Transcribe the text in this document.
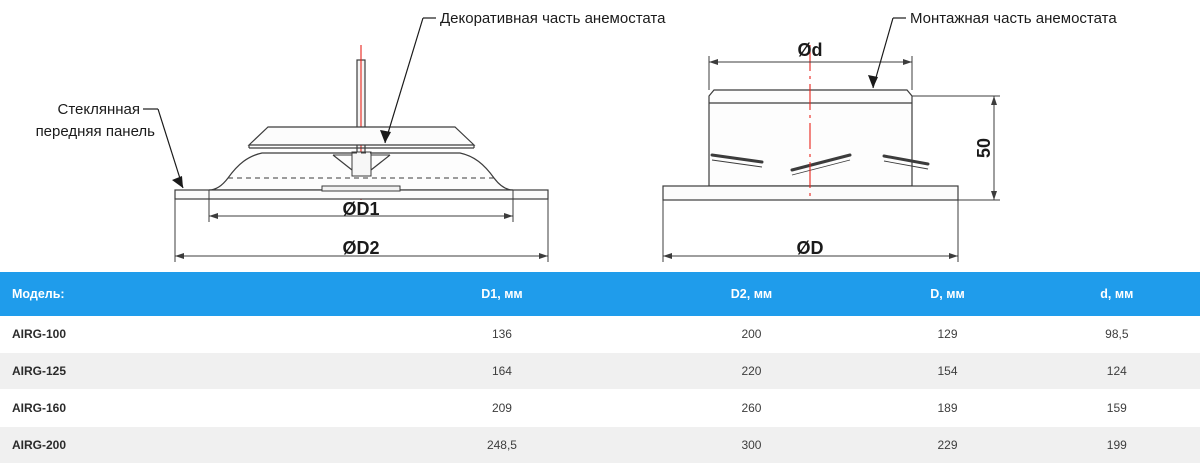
ØD1
ØD2
Декоративная часть анемостата
Стеклянная
передняя панель
Ød
50
ØD
Монтажная часть анемостата
Модель:	D1, мм	D2, мм	D, мм	d, мм
AIRG-100	136	200	129	98,5
AIRG-125	164	220	154	124
AIRG-160	209	260	189	159
AIRG-200	248,5	300	229	199
